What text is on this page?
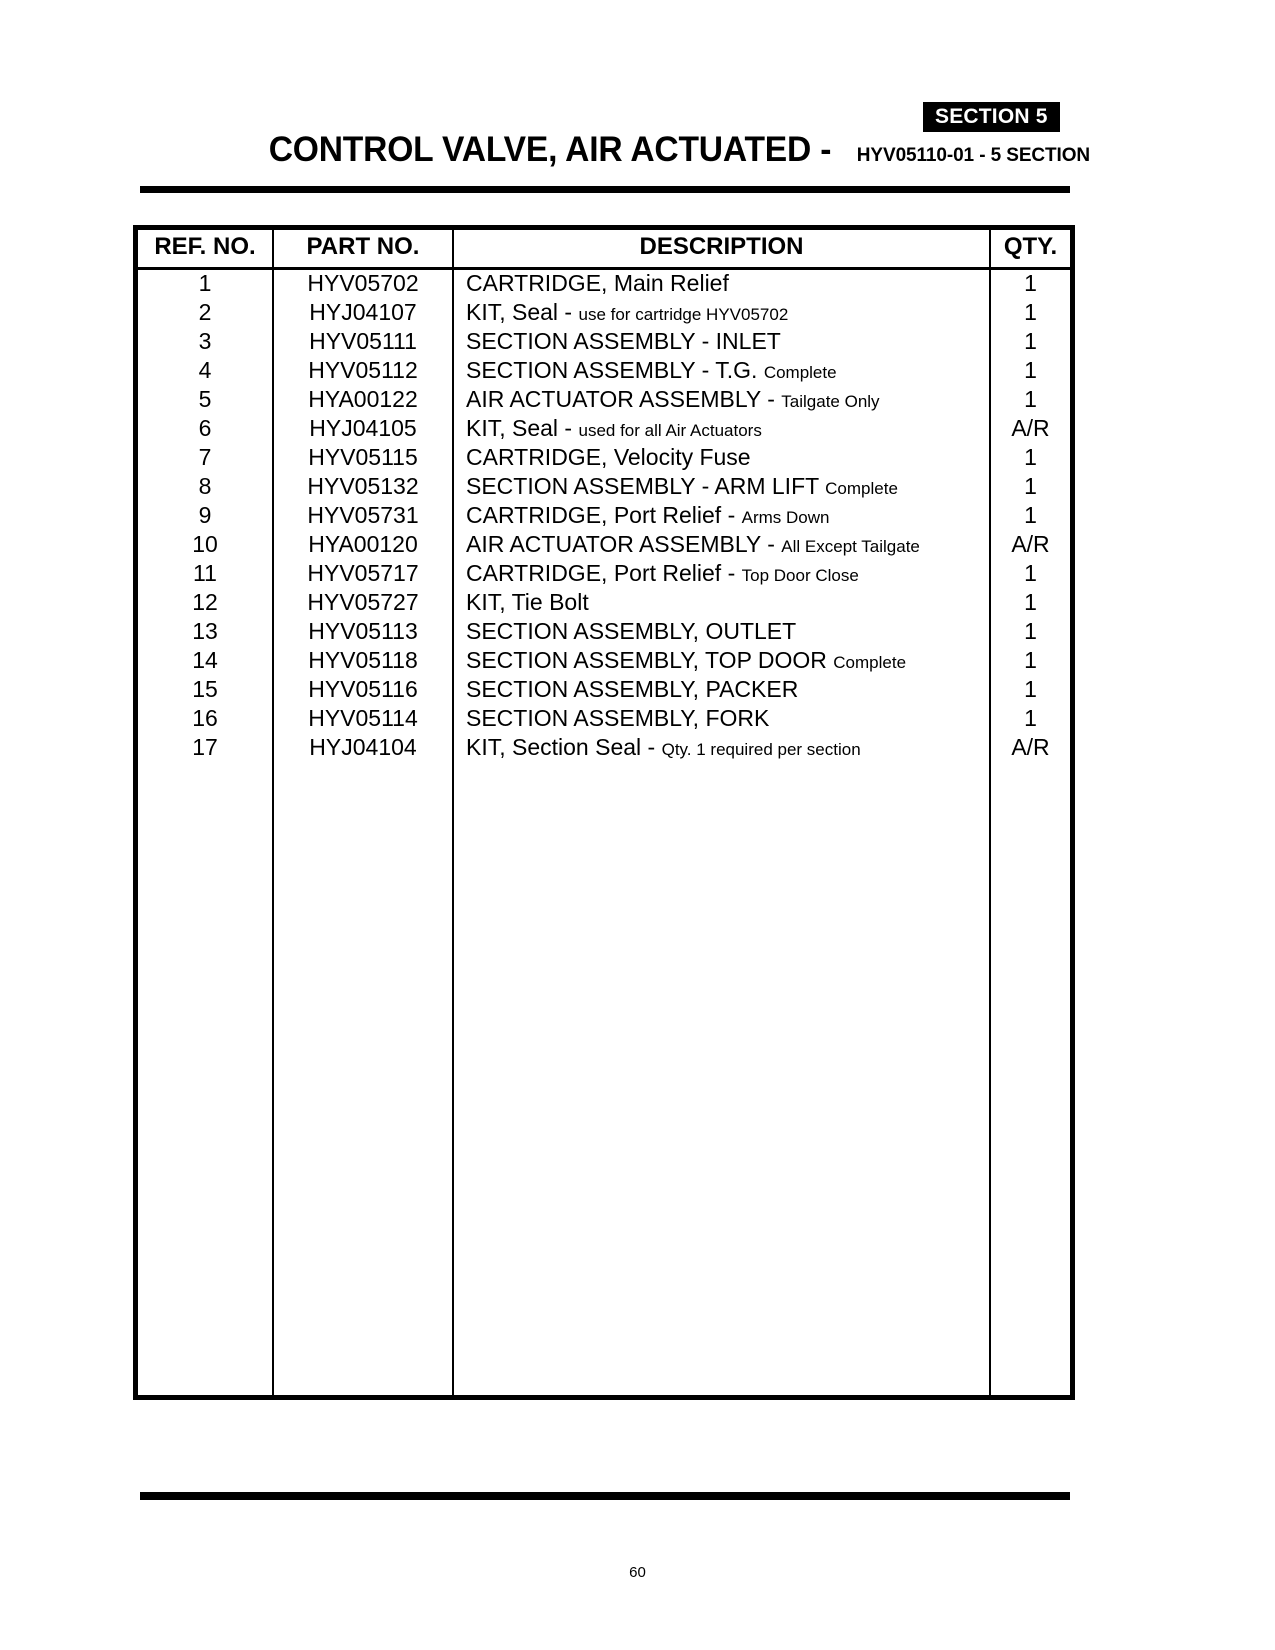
SECTION 5
CONTROL VALVE, AIR ACTUATED - HYV05110-01 - 5 SECTION
REF. NO.	PART NO.	DESCRIPTION	QTY.
1	HYV05702	CARTRIDGE, Main Relief	1
2	HYJ04107	KIT, Seal - use for cartridge HYV05702	1
3	HYV05111	SECTION ASSEMBLY - INLET	1
4	HYV05112	SECTION ASSEMBLY - T.G. Complete	1
5	HYA00122	AIR ACTUATOR ASSEMBLY - Tailgate Only	1
6	HYJ04105	KIT, Seal - used for all Air Actuators	A/R
7	HYV05115	CARTRIDGE, Velocity Fuse	1
8	HYV05132	SECTION ASSEMBLY - ARM LIFT Complete	1
9	HYV05731	CARTRIDGE, Port Relief - Arms Down	1
10	HYA00120	AIR ACTUATOR ASSEMBLY - All Except Tailgate	A/R
11	HYV05717	CARTRIDGE, Port Relief - Top Door Close	1
12	HYV05727	KIT, Tie Bolt	1
13	HYV05113	SECTION ASSEMBLY, OUTLET	1
14	HYV05118	SECTION ASSEMBLY, TOP DOOR Complete	1
15	HYV05116	SECTION ASSEMBLY, PACKER	1
16	HYV05114	SECTION ASSEMBLY, FORK	1
17	HYJ04104	KIT, Section Seal - Qty. 1 required per section	A/R

60
